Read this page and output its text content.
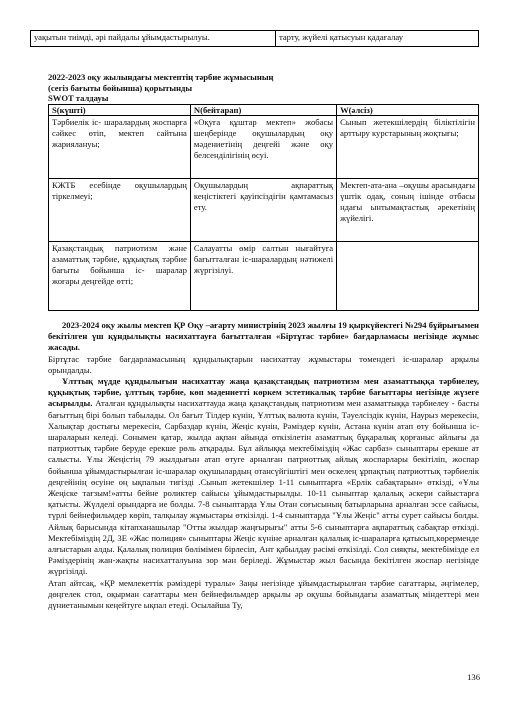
уақытын тиімді, әрі пайдалы ұйымдастырылуы.	тарту, жүйелі қатысуын қадағалау
2022-2023 оқу жылындағы мектептің тәрбие жұмысының
(сегіз бағыты бойынша) қорытынды
SWOT талдауы
S(күшті)	N(бейтарап)	W(әлсіз)
Тәрбиелік іс- шаралардың жоспарға сәйкес өтіп, мектеп сайтына жариялануы;	«Оқуға құштар мектеп» жобасы шеңберінде оқушылардың оқу мәдениетінің деңгейі және оқу белсенділігінің өсуі.	Сынып жетекшілердің біліктілігін арттыру курстарының жоқтығы;
КЖТБ есебінде оқушылардың тіркелмеуі;	Оқушылардың ақпараттық кеңістіктегі қауіпсіздігін қамтамасыз ету.	Мектеп-ата-ана –оқушы арасындағы үштік одақ, соның ішінде отбасы ндағы ынтымақтастық әрекетінің жүйелігі.
Қазақстандық патриотизм және азаматтық тәрбие, құқықтық тәрбие бағыты бойынша іс- шаралар жоғары деңгейде өтті;	Салауатты өмір салтын нығайтуға бағытталған іс-шаралардың нәтижелі жүргізілуі.	

2023-2024 оқу жылы мектеп ҚР Оқу –ағарту министрінің 2023 жылғы 19 қыркүйектегі №294 бұйрығымен бекітілген үш құндылықты насихаттауға бағытталған «Біртұтас тәрбие» бағдарламасы негізінде жұмыс жасады.

Біртұтас тәрбие бағдарламасының құндылықтарын насихаттау жұмыстары төмендегі іс-шаралар арқылы орындалды.

Ұлттық мүдде құндылығын насихаттау жаңа қазақстандық патриотизм мен азаматтыққа тәрбиелеу, құқықтық тәрбие, ұлттық тәрбие, көп мәдениетті көркем эстетикалық тәрбие бағыттары негізінде жүзеге асырылды. Аталған құндылықты насихаттауда жаңа қазақстандық патриотизм мен азаматтыққа тәрбиелеу - басты бағыттың бірі болып табылады. Ол бағыт Тілдер күнін, Ұлттық валюта күнін, Тәуелсіздік күнін, Наурыз мерекесін, Халықтар достығы мерекесін, Сарбаздар күнін, Жеңіс күнін, Рәміздер күнін, Астана күнін атап өту бойынша іс-шараларын келеді. Сонымен қатар, жылда ақпан айында өткізілетін азаматтық бұқаралық қорғаныс айлығы да патриоттық тәрбие беруде ерекше рөль атқарады. Бұл айлыққа мектебіміздің «Жас сарбаз» сыныптары ерекше ат салысты. Ұлы Жеңістің 79 жылдығын атап өтуге арналған патриоттық айлық жоспарлары бекітіліп, жоспар бойынша ұйымдастырылған іс-шаралар оқушылардың отансүйгіштігі мен өскелең ұрпақтың патриоттық тәрбиелік деңгейінің өсуіне оң ықпалын тигізді .Сынып жетекшілер 1-11 сыныптарға «Ерлік сабақтарын» өткізді, «Ұлы Жеңіске тағзым!»атты бейне роликтер сайысы ұйымдастырылды. 10-11 сыныптар қалалық әскери сайыстарға қатысты. Жүлделі орындарға ие болды. 7-8 сыныптарда Ұлы Отан соғысының батырларына арналған эссе сайысы, түрлі бейнефильмдер көріп, талқылау жұмыстары өткізілді. 1-4 сыныптарда "Ұлы Жеңіс" атты сурет сайысы болды. Айлық барысында кітапханашылар "Отты жылдар жаңғырығы" атты 5-6 сыныптарға ақпараттық сабақтар өткізді. Мектебіміздің 2Д, 3Е «Жас полиция» сыныптары Жеңіс күніне арналған қалалық іс-шараларға қатысып,көрерменде алғыстарын алды. Қалалық полиция бөлімімен бірлесіп, Ант қабылдау рәсімі өткізілді. Сол сияқты, мектебімізде ел Рәміздерінің жан-жақты насихатталуына зор мән беріледі. Жұмыстар жыл басында бекітілген жоспар негізінде жүргізілді.

Атап айтсақ, «ҚР мемлекеттік рәміздері туралы» Заңы негізінде ұйымдастырылған тәрбие сағаттары, әңгімелер, дөңгелек стол, оқырман сағаттары мен бейнефильмдер арқылы әр оқушы бойындағы азаматтық міндеттері мен дүниетанымын кеңейтуге ықпал етеді. Осылайша Ту,

136
